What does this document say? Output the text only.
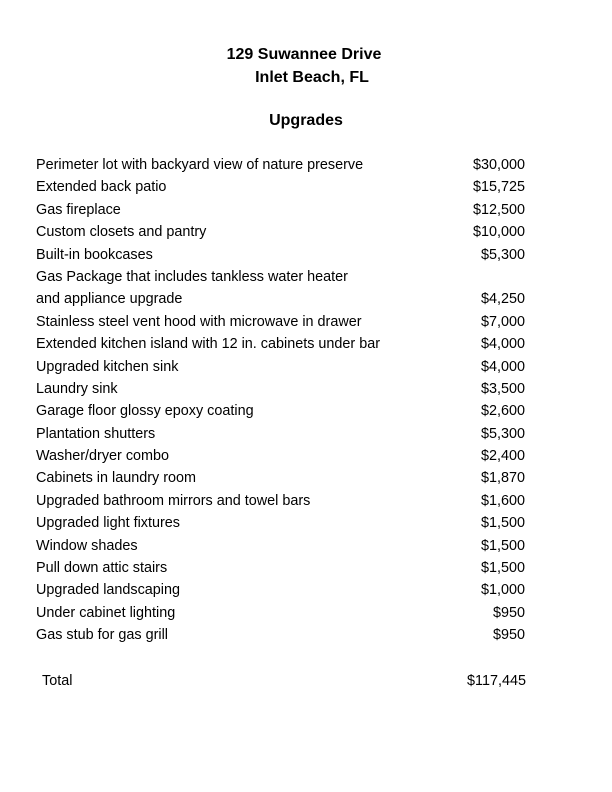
129 Suwannee Drive
Inlet Beach, FL
Upgrades
Perimeter lot with backyard view of nature preserve	$30,000
Extended back patio	$15,725
Gas fireplace	$12,500
Custom closets and pantry	$10,000
Built-in bookcases	$5,300
Gas Package that includes tankless water heater
and appliance upgrade	$4,250
Stainless steel vent hood with microwave in drawer	$7,000
Extended kitchen island with 12 in. cabinets under bar	$4,000
Upgraded kitchen sink	$4,000
Laundry sink	$3,500
Garage floor glossy epoxy coating	$2,600
Plantation shutters	$5,300
Washer/dryer combo	$2,400
Cabinets in laundry room	$1,870
Upgraded bathroom mirrors and towel bars	$1,600
Upgraded light fixtures	$1,500
Window shades	$1,500
Pull down attic stairs	$1,500
Upgraded landscaping	$1,000
Under cabinet lighting	$950
Gas stub for gas grill	$950
Total	$117,445
